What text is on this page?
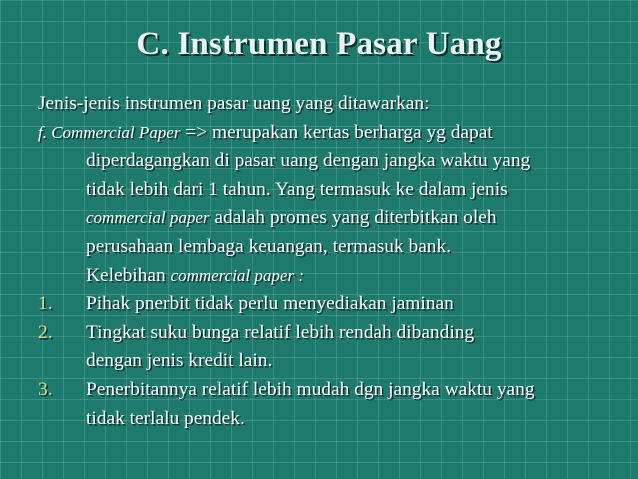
C. Instrumen Pasar Uang
Jenis-jenis instrumen pasar uang yang ditawarkan:
f. Commercial Paper => merupakan kertas berharga yg dapat
diperdagangkan di pasar uang dengan jangka waktu yang
tidak lebih dari 1 tahun. Yang termasuk ke dalam jenis
commercial paper adalah promes yang diterbitkan oleh
perusahaan lembaga keuangan, termasuk bank.
Kelebihan commercial paper :
1.	Pihak pnerbit tidak perlu menyediakan jaminan
2.	Tingkat suku bunga relatif lebih rendah dibanding
dengan jenis kredit lain.
3.	Penerbitannya relatif lebih mudah dgn jangka waktu yang
tidak terlalu pendek.
